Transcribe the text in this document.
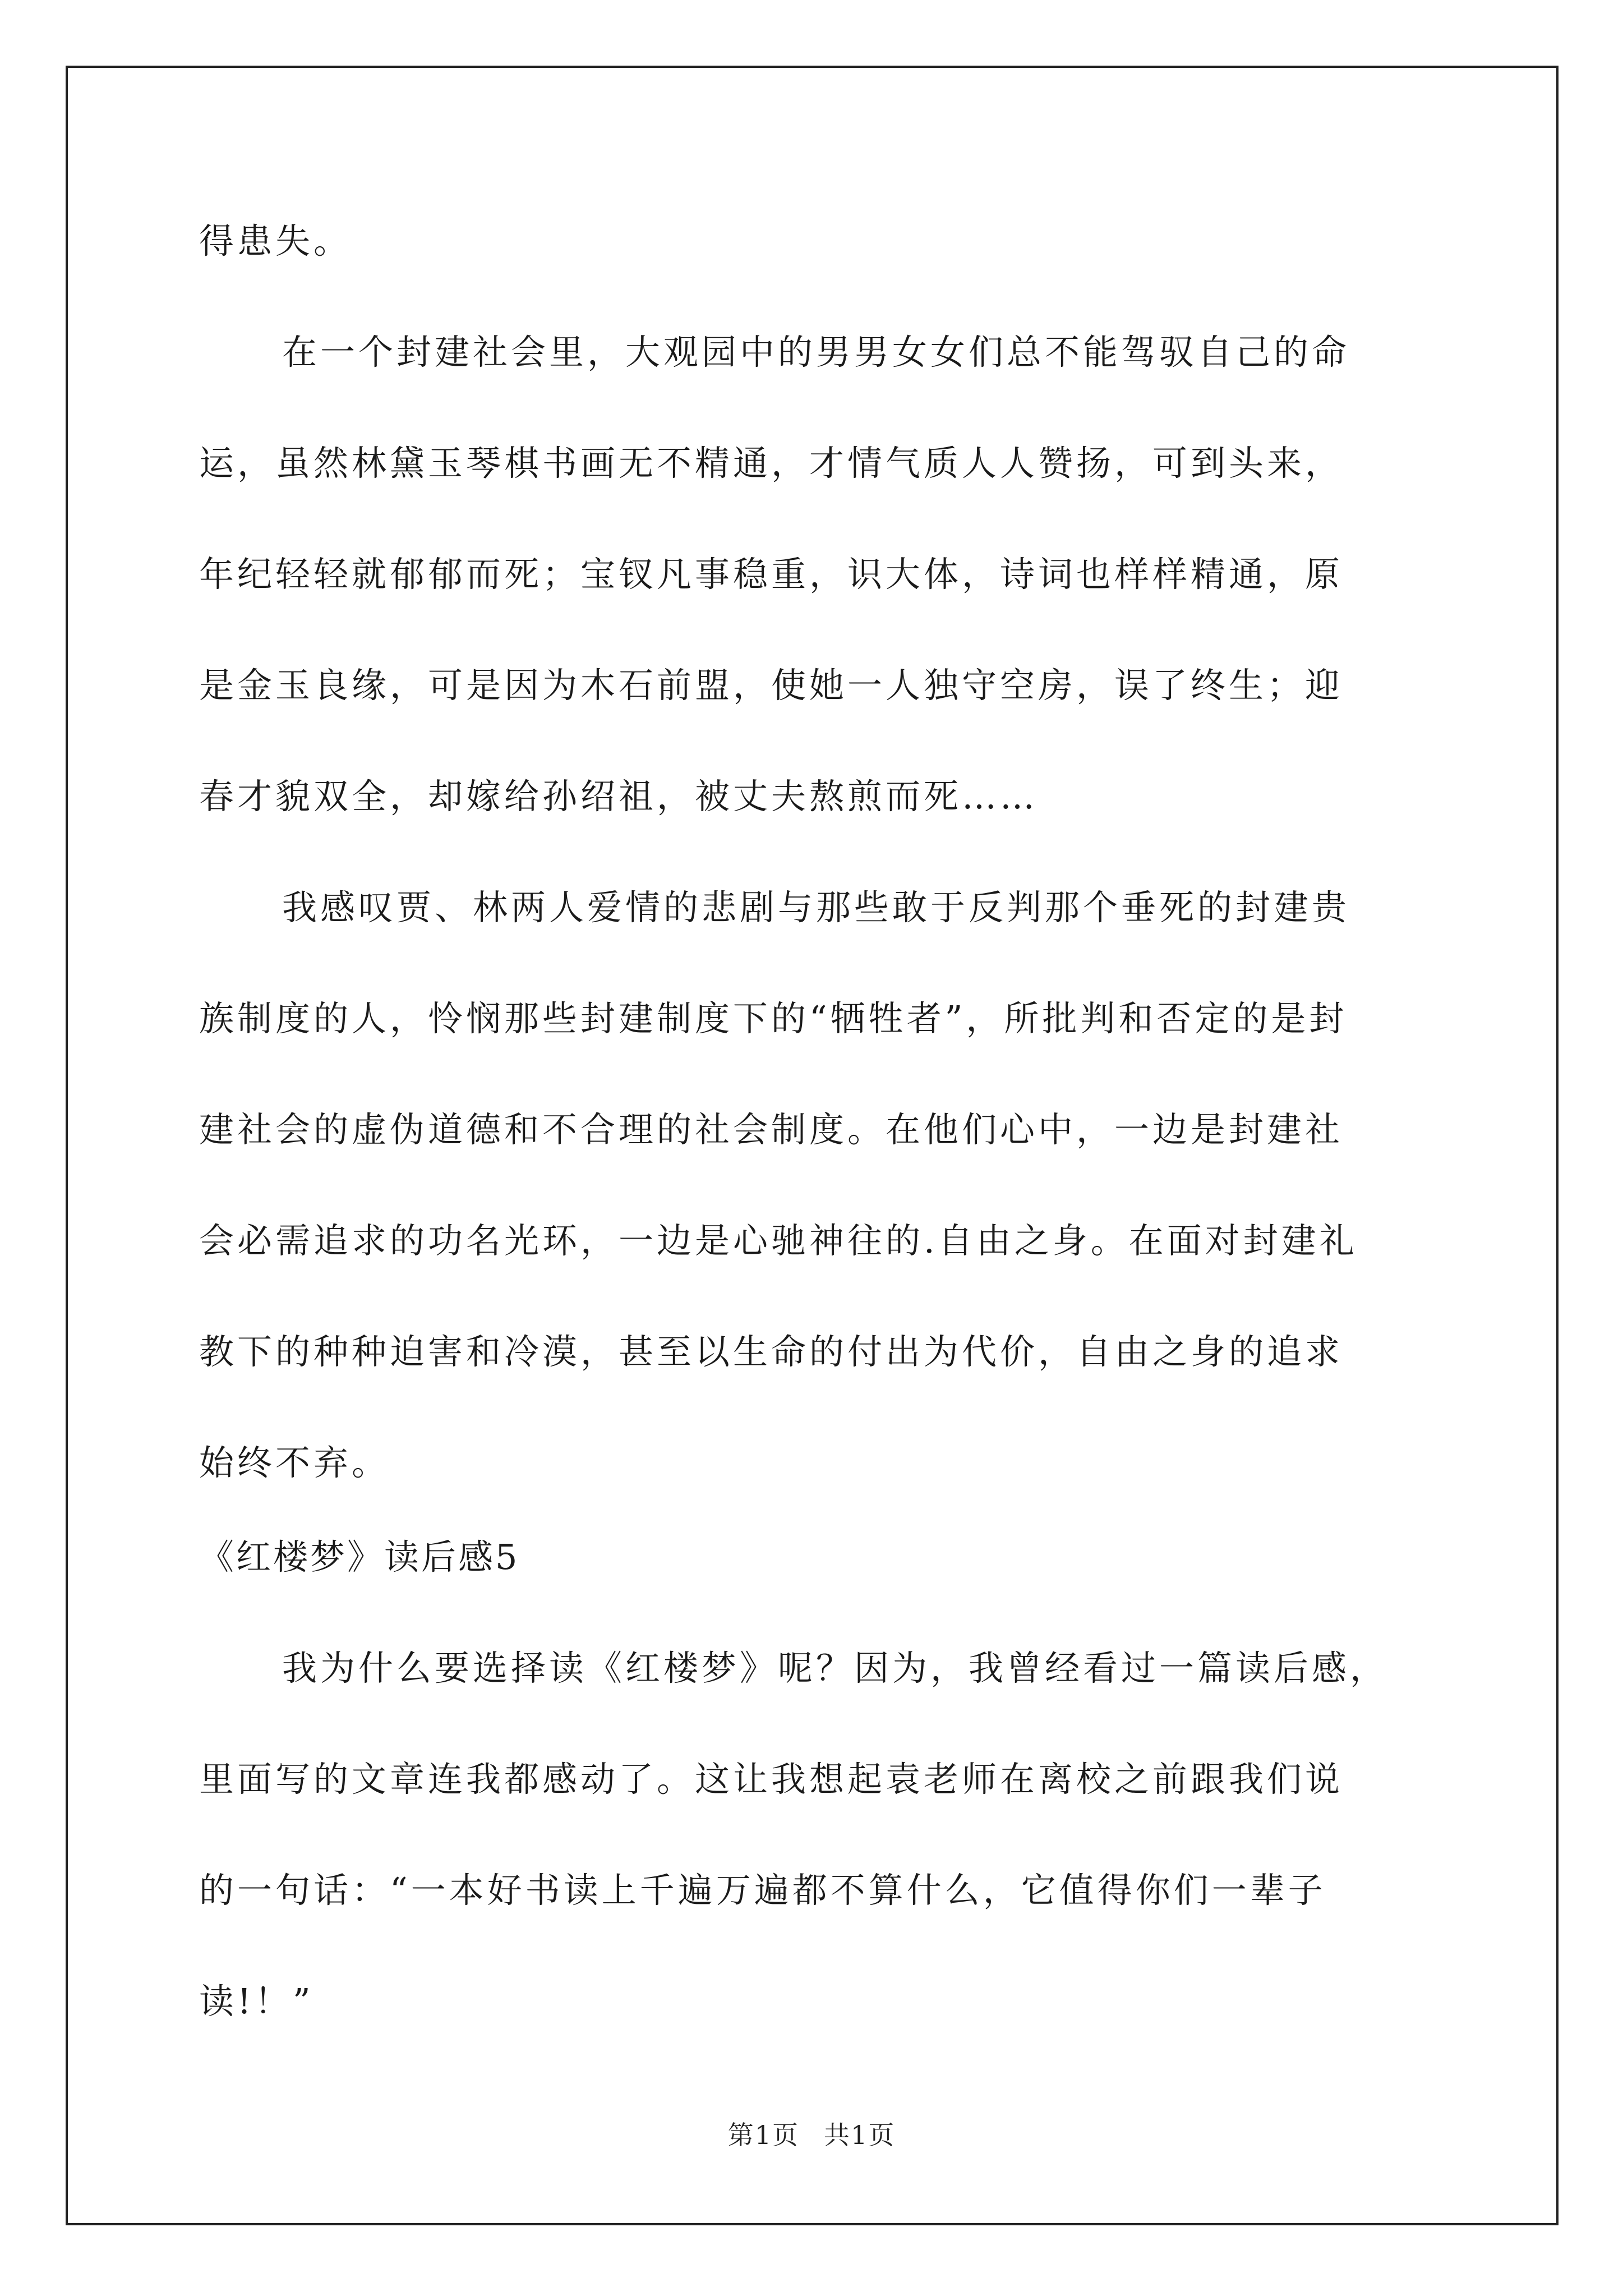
得患失。
在一个封建社会里，大观园中的男男女女们总不能驾驭自己的命
运，虽然林黛玉琴棋书画无不精通，才情气质人人赞扬，可到头来，
年纪轻轻就郁郁而死；宝钗凡事稳重，识大体，诗词也样样精通，原
是金玉良缘，可是因为木石前盟，使她一人独守空房，误了终生；迎
春才貌双全，却嫁给孙绍祖，被丈夫熬煎而死……
我感叹贾、林两人爱情的悲剧与那些敢于反判那个垂死的封建贵
族制度的人，怜悯那些封建制度下的“牺牲者”，所批判和否定的是封
建社会的虚伪道德和不合理的社会制度。在他们心中，一边是封建社
会必需追求的功名光环，一边是心驰神往的.自由之身。在面对封建礼
教下的种种迫害和冷漠，甚至以生命的付出为代价，自由之身的追求
始终不弃。
《红楼梦》读后感5
我为什么要选择读《红楼梦》呢？因为，我曾经看过一篇读后感，
里面写的文章连我都感动了。这让我想起袁老师在离校之前跟我们说
的一句话：“一本好书读上千遍万遍都不算什么，它值得你们一辈子
读!！”
第1页 共1页
